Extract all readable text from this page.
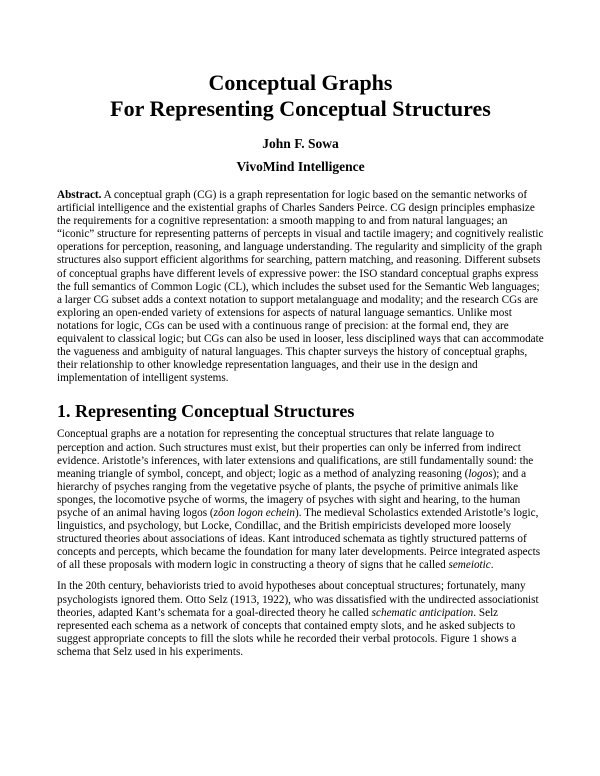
Conceptual Graphs
For Representing Conceptual Structures
John F. Sowa
VivoMind Intelligence
Abstract. A conceptual graph (CG) is a graph representation for logic based on the semantic networks of artificial intelligence and the existential graphs of Charles Sanders Peirce. CG design principles emphasize the requirements for a cognitive representation: a smooth mapping to and from natural languages; an “iconic” structure for representing patterns of percepts in visual and tactile imagery; and cognitively realistic operations for perception, reasoning, and language understanding. The regularity and simplicity of the graph structures also support efficient algorithms for searching, pattern matching, and reasoning. Different subsets of conceptual graphs have different levels of expressive power: the ISO standard conceptual graphs express the full semantics of Common Logic (CL), which includes the subset used for the Semantic Web languages; a larger CG subset adds a context notation to support metalanguage and modality; and the research CGs are exploring an open-ended variety of extensions for aspects of natural language semantics. Unlike most notations for logic, CGs can be used with a continuous range of precision: at the formal end, they are equivalent to classical logic; but CGs can also be used in looser, less disciplined ways that can accommodate the vagueness and ambiguity of natural languages. This chapter surveys the history of conceptual graphs, their relationship to other knowledge representation languages, and their use in the design and implementation of intelligent systems.
1. Representing Conceptual Structures
Conceptual graphs are a notation for representing the conceptual structures that relate language to perception and action. Such structures must exist, but their properties can only be inferred from indirect evidence. Aristotle’s inferences, with later extensions and qualifications, are still fundamentally sound: the meaning triangle of symbol, concept, and object; logic as a method of analyzing reasoning (logos); and a hierarchy of psyches ranging from the vegetative psyche of plants, the psyche of primitive animals like sponges, the locomotive psyche of worms, the imagery of psyches with sight and hearing, to the human psyche of an animal having logos (zôon logon echein). The medieval Scholastics extended Aristotle’s logic, linguistics, and psychology, but Locke, Condillac, and the British empiricists developed more loosely structured theories about associations of ideas. Kant introduced schemata as tightly structured patterns of concepts and percepts, which became the foundation for many later developments. Peirce integrated aspects of all these proposals with modern logic in constructing a theory of signs that he called semeiotic.
In the 20th century, behaviorists tried to avoid hypotheses about conceptual structures; fortunately, many psychologists ignored them. Otto Selz (1913, 1922), who was dissatisfied with the undirected associationist theories, adapted Kant’s schemata for a goal-directed theory he called schematic anticipation. Selz represented each schema as a network of concepts that contained empty slots, and he asked subjects to suggest appropriate concepts to fill the slots while he recorded their verbal protocols. Figure 1 shows a schema that Selz used in his experiments.
